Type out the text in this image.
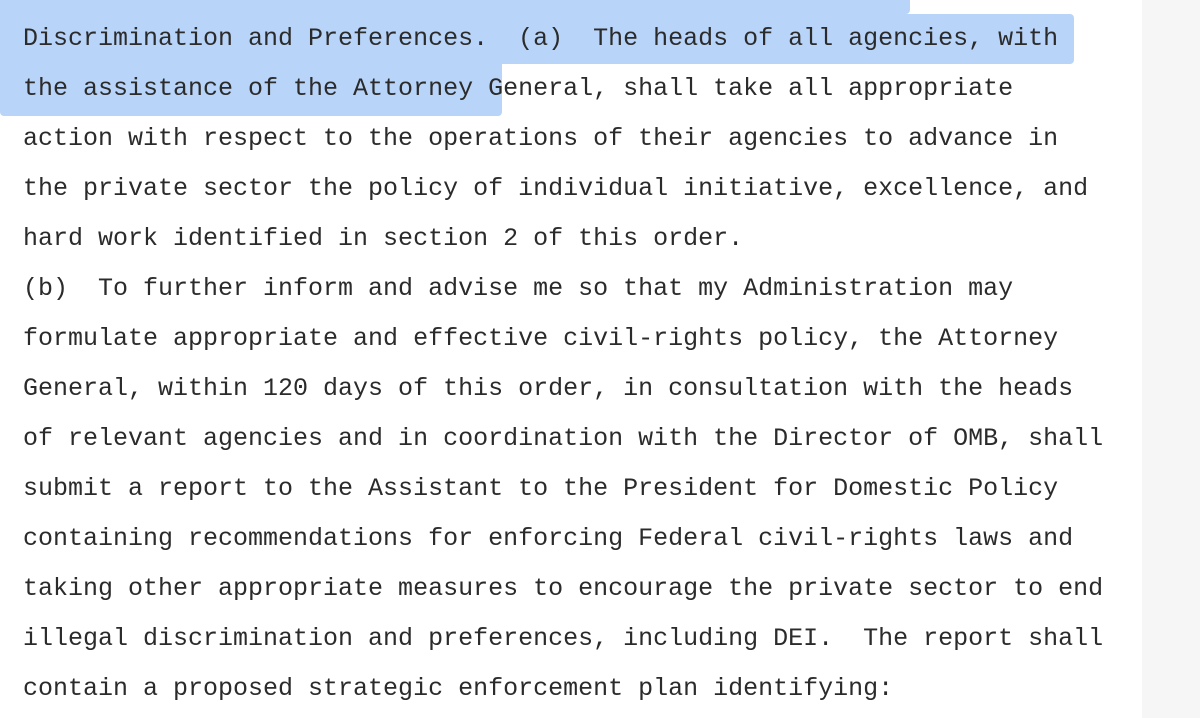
Discrimination and Preferences.  (a)  The heads of all agencies, with
the assistance of the Attorney General, shall take all appropriate
action with respect to the operations of their agencies to advance in
the private sector the policy of individual initiative, excellence, and
hard work identified in section 2 of this order.
(b)  To further inform and advise me so that my Administration may
formulate appropriate and effective civil-rights policy, the Attorney
General, within 120 days of this order, in consultation with the heads
of relevant agencies and in coordination with the Director of OMB, shall
submit a report to the Assistant to the President for Domestic Policy
containing recommendations for enforcing Federal civil-rights laws and
taking other appropriate measures to encourage the private sector to end
illegal discrimination and preferences, including DEI.  The report shall
contain a proposed strategic enforcement plan identifying:
